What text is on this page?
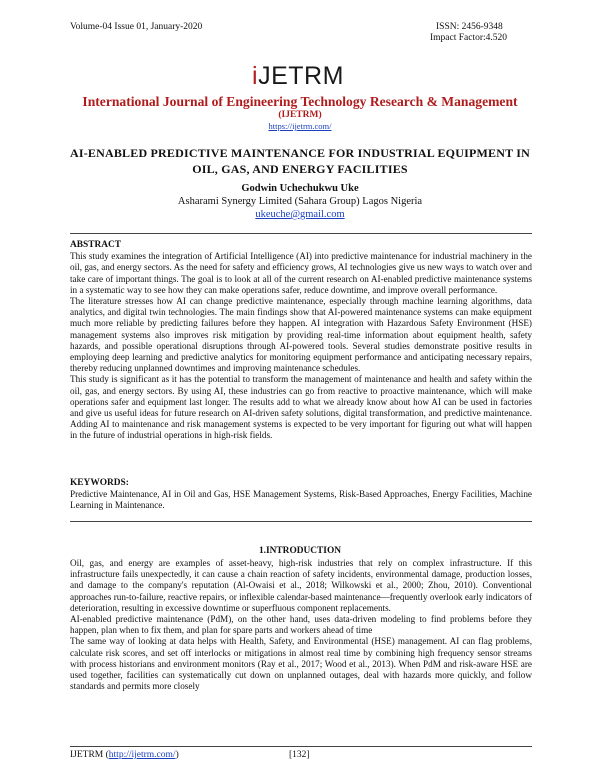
Volume-04 Issue 01, January-2020	ISSN: 2456-9348
Impact Factor:4.520
iJETRM
International Journal of Engineering Technology Research & Management
(IJETRM)
https://ijetrm.com/
AI-ENABLED PREDICTIVE MAINTENANCE FOR INDUSTRIAL EQUIPMENT IN
OIL, GAS, AND ENERGY FACILITIES
Godwin Uchechukwu Uke
Asharami Synergy Limited (Sahara Group) Lagos Nigeria
ukeuche@gmail.com
ABSTRACT
This study examines the integration of Artificial Intelligence (AI) into predictive maintenance for industrial machinery in the oil, gas, and energy sectors. As the need for safety and efficiency grows, AI technologies give us new ways to watch over and take care of important things. The goal is to look at all of the current research on AI-enabled predictive maintenance systems in a systematic way to see how they can make operations safer, reduce downtime, and improve overall performance.
The literature stresses how AI can change predictive maintenance, especially through machine learning algorithms, data analytics, and digital twin technologies. The main findings show that AI-powered maintenance systems can make equipment much more reliable by predicting failures before they happen. AI integration with Hazardous Safety Environment (HSE) management systems also improves risk mitigation by providing real-time information about equipment health, safety hazards, and possible operational disruptions through AI-powered tools. Several studies demonstrate positive results in employing deep learning and predictive analytics for monitoring equipment performance and anticipating necessary repairs, thereby reducing unplanned downtimes and improving maintenance schedules.
This study is significant as it has the potential to transform the management of maintenance and health and safety within the oil, gas, and energy sectors. By using AI, these industries can go from reactive to proactive maintenance, which will make operations safer and equipment last longer. The results add to what we already know about how AI can be used in factories and give us useful ideas for future research on AI-driven safety solutions, digital transformation, and predictive maintenance. Adding AI to maintenance and risk management systems is expected to be very important for figuring out what will happen in the future of industrial operations in high-risk fields.
KEYWORDS:
Predictive Maintenance, AI in Oil and Gas, HSE Management Systems, Risk-Based Approaches, Energy Facilities, Machine Learning in Maintenance.
1.INTRODUCTION
Oil, gas, and energy are examples of asset-heavy, high-risk industries that rely on complex infrastructure. If this infrastructure fails unexpectedly, it can cause a chain reaction of safety incidents, environmental damage, production losses, and damage to the company's reputation (Al-Owaisi et al., 2018; Wilkowski et al., 2000; Zhou, 2010). Conventional approaches run-to-failure, reactive repairs, or inflexible calendar-based maintenance—frequently overlook early indicators of deterioration, resulting in excessive downtime or superfluous component replacements.
AI-enabled predictive maintenance (PdM), on the other hand, uses data-driven modeling to find problems before they happen, plan when to fix them, and plan for spare parts and workers ahead of time
The same way of looking at data helps with Health, Safety, and Environmental (HSE) management. AI can flag problems, calculate risk scores, and set off interlocks or mitigations in almost real time by combining high frequency sensor streams with process historians and environment monitors (Ray et al., 2017; Wood et al., 2013). When PdM and risk-aware HSE are used together, facilities can systematically cut down on unplanned outages, deal with hazards more quickly, and follow standards and permits more closely
IJETRM (http://ijetrm.com/)	[132]
